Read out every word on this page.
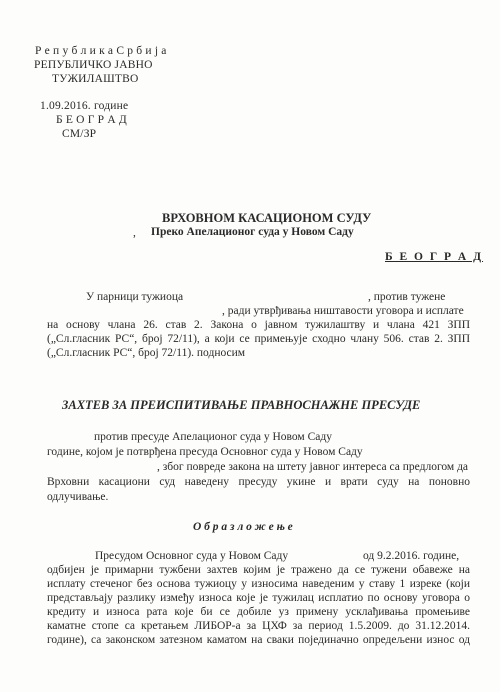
Р е п у б л и к а С р б и ј а
РЕПУБЛИЧКО ЈАВНО
ТУЖИЛАШТВО
1.09.2016. године
Б Е О Г Р А Д
СМ/ЗР
ВРХОВНОМ КАСАЦИОНОМ СУДУ
, Преко Апелационог суда у Новом Саду
Б Е О Г Р А Д
У парници тужиоца	, против тужене
, ради утврђивања ништавости уговора и исплате
на основу члана 26. став 2. Закона о јавном тужилаштву и члана 421 ЗПП
(„Сл.гласник РС“, број 72/11), а који се примењује сходно члану 506. став 2. ЗПП
(„Сл.гласник РС“, број 72/11). подносим
ЗАХТЕВ ЗА ПРЕИСПИТИВАЊЕ ПРАВНОСНАЖНЕ ПРЕСУДЕ
против пресуде Апелационог суда у Новом Саду
године, којом је потврђена пресуда Основног суда у Новом Саду
, због повреде закона на штету јавног интереса са предлогом да
Врховни касациони суд наведену пресуду укине и врати суду на поновно
одлучивање.
О б р а з л о ж е њ е
Пресудом Основног суда у Новом Саду	од 9.2.2016. године,
одбијен је примарни тужбени захтев којим је тражено да се тужени обавеже на
исплату стеченог без основа тужиоцу у износима наведеним у ставу 1 изреке (који
представљају разлику између износа које је тужилац исплатио по основу уговора о
кредиту и износа рата које би се добиле уз примену усклађивања промењиве
каматне стопе са кретањем ЛИБОР-а за ЦХФ за период 1.5.2009. до 31.12.2014.
године), са законском затезном каматом на сваки појединачно опредељени износ од
